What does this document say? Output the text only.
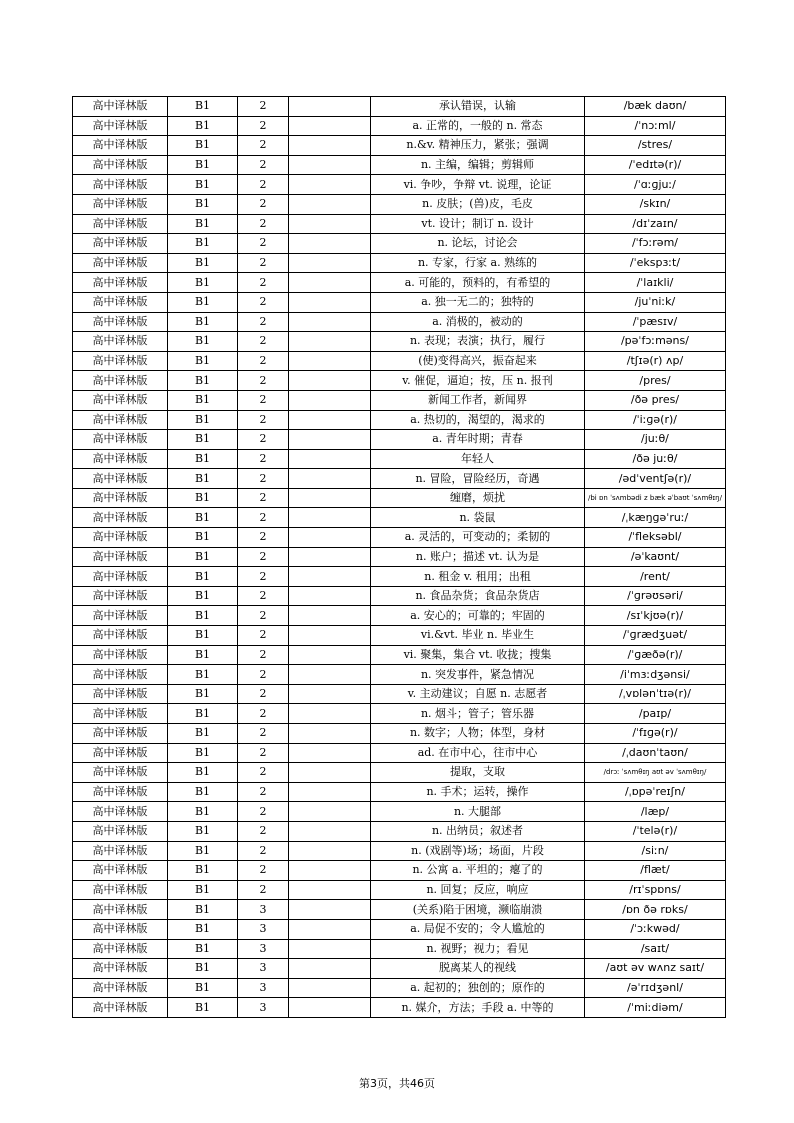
高中译林版	B1	2		承认错误，认输	/bæk daʊn/
高中译林版	B1	2		a. 正常的，一般的 n. 常态	/ˈnɔːml/
高中译林版	B1	2		n.&v. 精神压力，紧张；强调	/stres/
高中译林版	B1	2		n. 主编，编辑；剪辑师	/ˈedɪtə(r)/
高中译林版	B1	2		vi. 争吵，争辩 vt. 说理，论证	/ˈɑːɡjuː/
高中译林版	B1	2		n. 皮肤；(兽)皮，毛皮	/skɪn/
高中译林版	B1	2		vt. 设计；制订 n. 设计	/dɪˈzaɪn/
高中译林版	B1	2		n. 论坛，讨论会	/ˈfɔːrəm/
高中译林版	B1	2		n. 专家，行家 a. 熟练的	/ˈekspɜːt/
高中译林版	B1	2		a. 可能的，预料的，有希望的	/ˈlaɪkli/
高中译林版	B1	2		a. 独一无二的；独特的	/juˈniːk/
高中译林版	B1	2		a. 消极的，被动的	/ˈpæsɪv/
高中译林版	B1	2		n. 表现；表演；执行，履行	/pəˈfɔːməns/
高中译林版	B1	2		(使)变得高兴，振奋起来	/tʃɪə(r) ʌp/
高中译林版	B1	2		v. 催促，逼迫；按，压 n. 报刊	/pres/
高中译林版	B1	2		新闻工作者，新闻界	/ðə pres/
高中译林版	B1	2		a. 热切的，渴望的，渴求的	/ˈiːɡə(r)/
高中译林版	B1	2		a. 青年时期；青春	/juːθ/
高中译林版	B1	2		年轻人	/ðə juːθ/
高中译林版	B1	2		n. 冒险，冒险经历，奇遇	/ədˈventʃə(r)/
高中译林版	B1	2		缠磨，烦扰	/bi ɒn ˈsʌmbədi z bæk əˈbaʊt ˈsʌmθɪŋ/
高中译林版	B1	2		n. 袋鼠	/ˌkæŋɡəˈruː/
高中译林版	B1	2		a. 灵活的，可变动的；柔韧的	/ˈfleksəbl/
高中译林版	B1	2		n. 账户；描述 vt. 认为是	/əˈkaʊnt/
高中译林版	B1	2		n. 租金 v. 租用；出租	/rent/
高中译林版	B1	2		n. 食品杂货；食品杂货店	/ˈɡrəʊsəri/
高中译林版	B1	2		a. 安心的；可靠的；牢固的	/sɪˈkjʊə(r)/
高中译林版	B1	2		vi.&vt. 毕业 n. 毕业生	/ˈɡrædʒuət/
高中译林版	B1	2		vi. 聚集，集合 vt. 收拢；搜集	/ˈɡæðə(r)/
高中译林版	B1	2		n. 突发事件，紧急情况	/iˈmɜːdʒənsi/
高中译林版	B1	2		v. 主动建议；自愿 n. 志愿者	/ˌvɒlənˈtɪə(r)/
高中译林版	B1	2		n. 烟斗；管子；管乐器	/paɪp/
高中译林版	B1	2		n. 数字；人物；体型，身材	/ˈfɪɡə(r)/
高中译林版	B1	2		ad. 在市中心，往市中心	/ˌdaʊnˈtaʊn/
高中译林版	B1	2		提取，支取	/drɔː ˈsʌmθɪŋ aʊt əv ˈsʌmθɪŋ/
高中译林版	B1	2		n. 手术；运转，操作	/ˌɒpəˈreɪʃn/
高中译林版	B1	2		n. 大腿部	/læp/
高中译林版	B1	2		n. 出纳员；叙述者	/ˈtelə(r)/
高中译林版	B1	2		n. (戏剧等)场；场面，片段	/siːn/
高中译林版	B1	2		n. 公寓 a. 平坦的；瘪了的	/flæt/
高中译林版	B1	2		n. 回复；反应，响应	/rɪˈspɒns/
高中译林版	B1	3		(关系)陷于困境，濒临崩溃	/ɒn ðə rɒks/
高中译林版	B1	3		a. 局促不安的；令人尴尬的	/ˈɔːkwəd/
高中译林版	B1	3		n. 视野；视力；看见	/saɪt/
高中译林版	B1	3		脱离某人的视线	/aʊt əv wʌnz saɪt/
高中译林版	B1	3		a. 起初的；独创的；原作的	/əˈrɪdʒənl/
高中译林版	B1	3		n. 媒介，方法；手段 a. 中等的	/ˈmiːdiəm/
第3页，共46页
